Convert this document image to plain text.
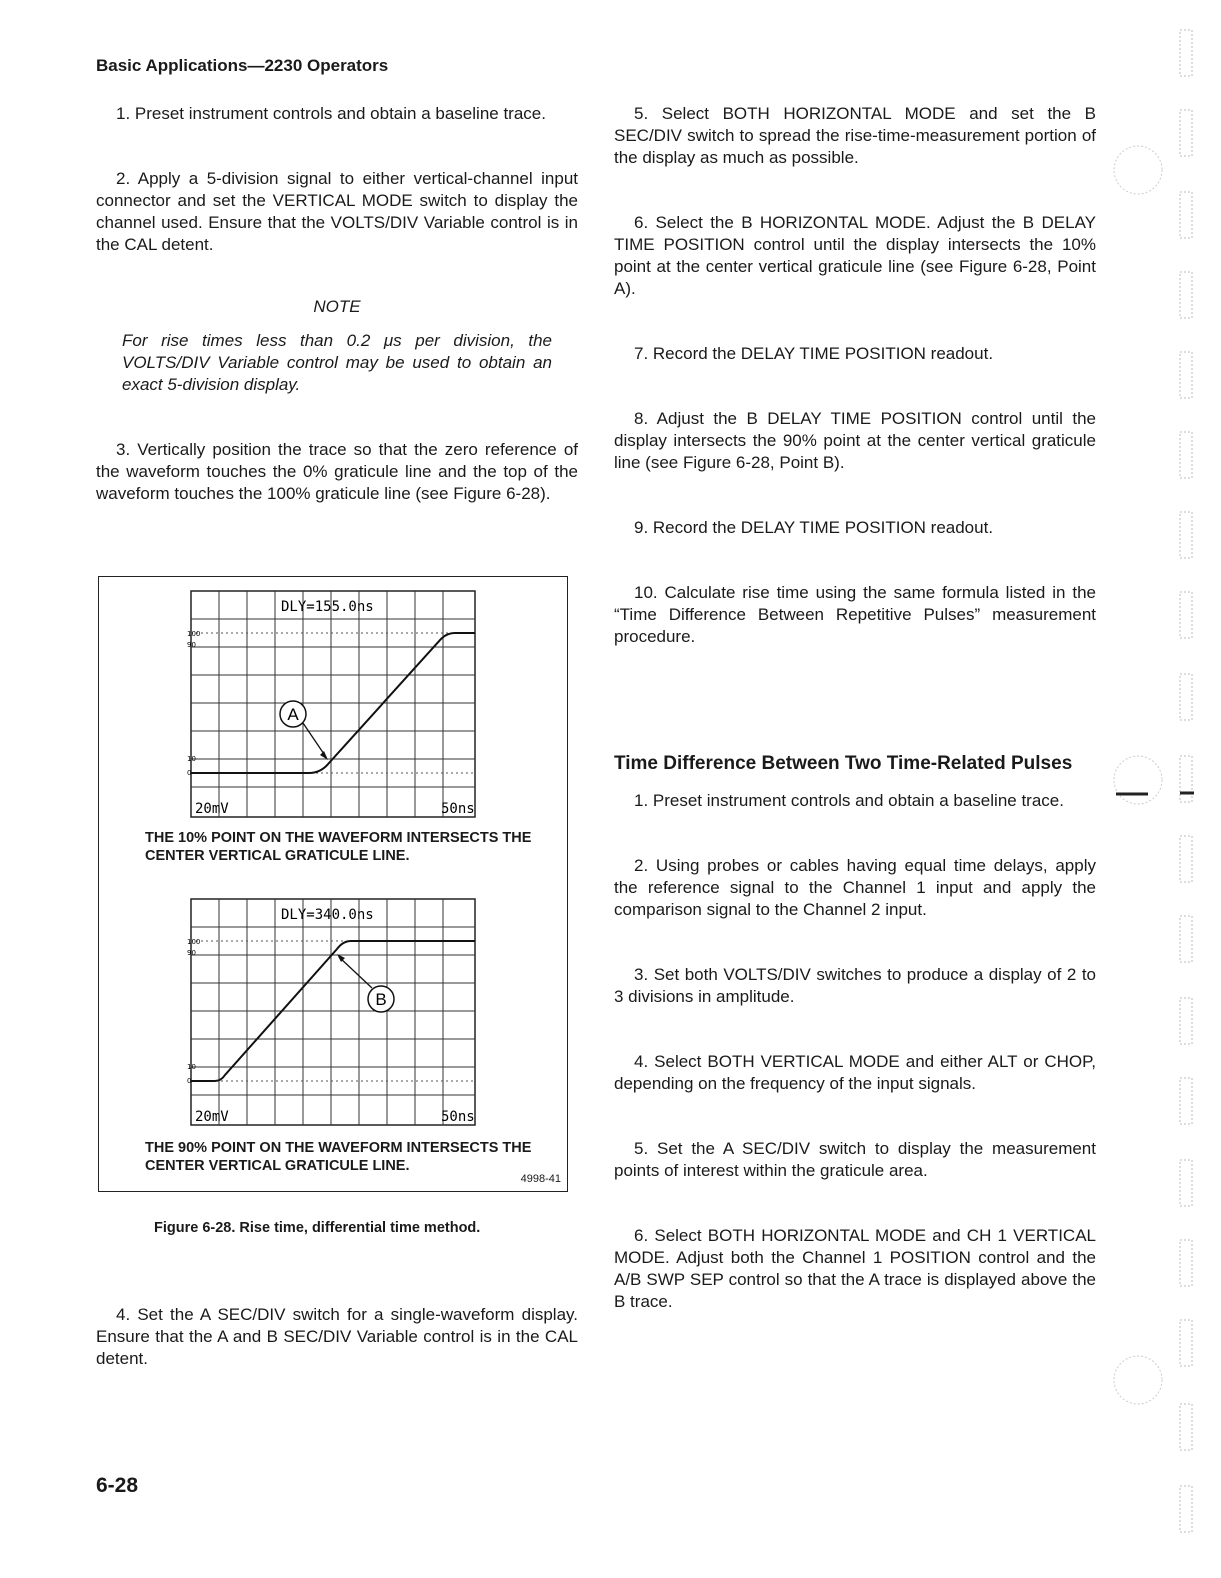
Basic Applications—2230 Operators

1. Preset instrument controls and obtain a baseline trace.

2. Apply a 5-division signal to either vertical-channel input connector and set the VERTICAL MODE switch to display the channel used. Ensure that the VOLTS/DIV Variable control is in the CAL detent.

NOTE

For rise times less than 0.2 μs per division, the VOLTS/DIV Variable control may be used to obtain an exact 5-division display.

3. Vertically position the trace so that the zero reference of the waveform touches the 0% graticule line and the top of the waveform touches the 100% graticule line (see Figure 6-28).

A
100
90
10
0
DLY=155.0ns
20mV	50ns
THE 10% POINT ON THE WAVEFORM INTERSECTS THE CENTER VERTICAL GRATICULE LINE.
B
100
90
10
0
DLY=340.0ns
20mV	50ns
THE 90% POINT ON THE WAVEFORM INTERSECTS THE CENTER VERTICAL GRATICULE LINE.
4998-41
Figure 6-28. Rise time, differential time method.

4. Set the A SEC/DIV switch for a single-waveform display. Ensure that the A and B SEC/DIV Variable control is in the CAL detent.

5. Select BOTH HORIZONTAL MODE and set the B SEC/DIV switch to spread the rise-time-measurement portion of the display as much as possible.

6. Select the B HORIZONTAL MODE. Adjust the B DELAY TIME POSITION control until the display intersects the 10% point at the center vertical graticule line (see Figure 6-28, Point A).

7. Record the DELAY TIME POSITION readout.

8. Adjust the B DELAY TIME POSITION control until the display intersects the 90% point at the center vertical graticule line (see Figure 6-28, Point B).

9. Record the DELAY TIME POSITION readout.

10. Calculate rise time using the same formula listed in the “Time Difference Between Repetitive Pulses” measurement procedure.

Time Difference Between Two Time-Related Pulses

1. Preset instrument controls and obtain a baseline trace.

2. Using probes or cables having equal time delays, apply the reference signal to the Channel 1 input and apply the comparison signal to the Channel 2 input.

3. Set both VOLTS/DIV switches to produce a display of 2 to 3 divisions in amplitude.

4. Select BOTH VERTICAL MODE and either ALT or CHOP, depending on the frequency of the input signals.

5. Set the A SEC/DIV switch to display the measurement points of interest within the graticule area.

6. Select BOTH HORIZONTAL MODE and CH 1 VERTICAL MODE. Adjust both the Channel 1 POSITION control and the A/B SWP SEP control so that the A trace is displayed above the B trace.

6-28
